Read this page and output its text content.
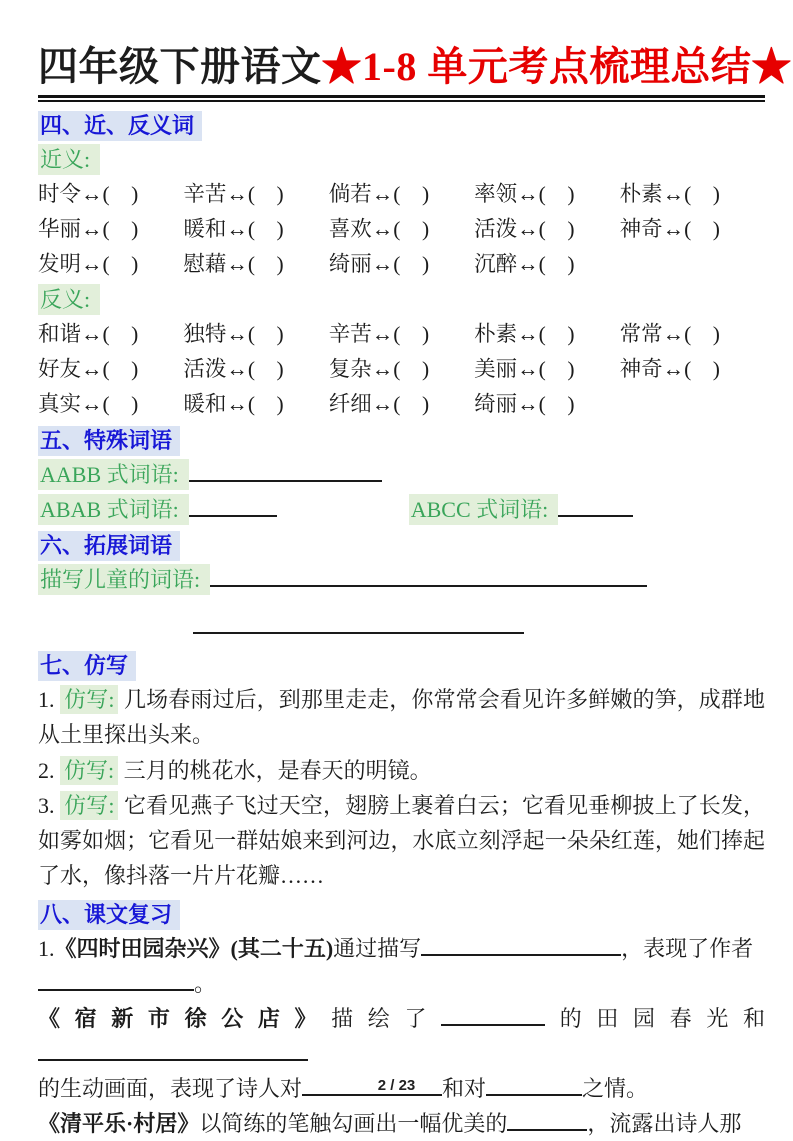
四年级下册语文★1-8 单元考点梳理总结★
四、近、反义词
近义:
时令↔(　)	辛苦↔(　)	倘若↔(　)	率领↔(　)	朴素↔(　)
华丽↔(　)	暖和↔(　)	喜欢↔(　)	活泼↔(　)	神奇↔(　)
发明↔(　)	慰藉↔(　)	绮丽↔(　)	沉醉↔(　)
反义:
和谐↔(　)	独特↔(　)	辛苦↔(　)	朴素↔(　)	常常↔(　)
好友↔(　)	活泼↔(　)	复杂↔(　)	美丽↔(　)	神奇↔(　)
真实↔(　)	暖和↔(　)	纤细↔(　)	绮丽↔(　)
五、特殊词语
AABB 式词语:
ABAB 式词语:	ABCC 式词语:
六、拓展词语
描写儿童的词语:
七、仿写
1. 仿写: 几场春雨过后，到那里走走，你常常会看见许多鲜嫩的笋，成群地从土里探出头来。
2. 仿写: 三月的桃花水，是春天的明镜。
3. 仿写: 它看见燕子飞过天空，翅膀上裹着白云；它看见垂柳披上了长发，如雾如烟；它看见一群姑娘来到河边，水底立刻浮起一朵朵红莲，她们捧起了水，像抖落一片片花瓣……
八、课文复习
1.《四时田园杂兴》(其二十五)通过描写	，表现了作者
。
《宿新市徐公店》描绘了	的田园春光和
的生动画面，表现了诗人对	和对	之情。
《清平乐·村居》以简练的笔触勾画出一幅优美的	，流露出诗人那
2 / 23
